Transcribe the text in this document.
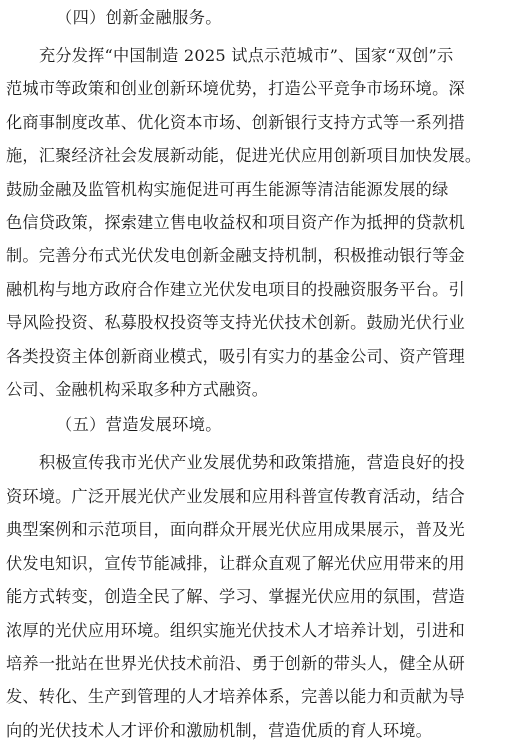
（四）创新金融服务。
充分发挥“中国制造 2025 试点示范城市”、国家“双创”示
范城市等政策和创业创新环境优势，打造公平竞争市场环境。深
化商事制度改革、优化资本市场、创新银行支持方式等一系列措
施，汇聚经济社会发展新动能，促进光伏应用创新项目加快发展。
鼓励金融及监管机构实施促进可再生能源等清洁能源发展的绿
色信贷政策，探索建立售电收益权和项目资产作为抵押的贷款机
制。完善分布式光伏发电创新金融支持机制，积极推动银行等金
融机构与地方政府合作建立光伏发电项目的投融资服务平台。引
导风险投资、私募股权投资等支持光伏技术创新。鼓励光伏行业
各类投资主体创新商业模式，吸引有实力的基金公司、资产管理
公司、金融机构采取多种方式融资。
（五）营造发展环境。
积极宣传我市光伏产业发展优势和政策措施，营造良好的投
资环境。广泛开展光伏产业发展和应用科普宣传教育活动，结合
典型案例和示范项目，面向群众开展光伏应用成果展示，普及光
伏发电知识，宣传节能减排，让群众直观了解光伏应用带来的用
能方式转变，创造全民了解、学习、掌握光伏应用的氛围，营造
浓厚的光伏应用环境。组织实施光伏技术人才培养计划，引进和
培养一批站在世界光伏技术前沿、勇于创新的带头人，健全从研
发、转化、生产到管理的人才培养体系，完善以能力和贡献为导
向的光伏技术人才评价和激励机制，营造优质的育人环境。
